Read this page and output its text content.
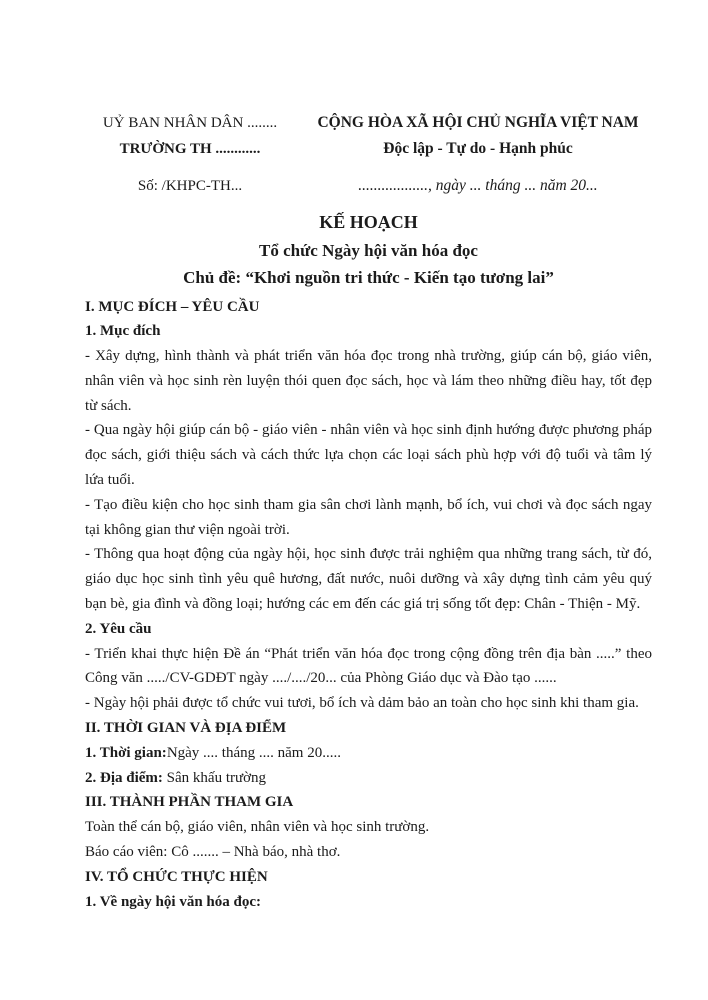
UỶ BAN NHÂN DÂN ........
TRƯỜNG TH ............
Số: /KHPC-TH...
CỘNG HÒA XÃ HỘI CHỦ NGHĨA VIỆT NAM
Độc lập - Tự do - Hạnh phúc
.................., ngày ... tháng ... năm 20...
KẾ HOẠCH
Tổ chức Ngày hội văn hóa đọc
Chủ đề: “Khơi nguồn tri thức - Kiến tạo tương lai”

I. MỤC ĐÍCH – YÊU CẦU

1. Mục đích

- Xây dựng, hình thành và phát triển văn hóa đọc trong nhà trường, giúp cán bộ, giáo viên, nhân viên và học sinh rèn luyện thói quen đọc sách, học và lám theo những điều hay, tốt đẹp từ sách.

- Qua ngày hội giúp cán bộ - giáo viên - nhân viên và học sinh định hướng được phương pháp đọc sách, giới thiệu sách và cách thức lựa chọn các loại sách phù hợp với độ tuổi và tâm lý lứa tuổi.

- Tạo điều kiện cho học sinh tham gia sân chơi lành mạnh, bổ ích, vui chơi và đọc sách ngay tại không gian thư viện ngoài trời.

- Thông qua hoạt động của ngày hội, học sinh được trải nghiệm qua những trang sách, từ đó, giáo dục học sinh tình yêu quê hương, đất nước, nuôi dưỡng và xây dựng tình cảm yêu quý bạn bè, gia đình và đồng loại; hướng các em đến các giá trị sống tốt đẹp: Chân - Thiện - Mỹ.

2. Yêu cầu

- Triển khai thực hiện Đề án “Phát triển văn hóa đọc trong cộng đồng trên địa bàn .....” theo Công văn ...../CV-GDĐT ngày ..../..../20... của Phòng Giáo dục và Đào tạo ......

- Ngày hội phải được tổ chức vui tươi, bổ ích và dảm bảo an toàn cho học sinh khi tham gia.

II. THỜI GIAN VÀ ĐỊA ĐIỂM

1. Thời gian:Ngày .... tháng .... năm 20.....

2. Địa điểm: Sân khấu trường

III. THÀNH PHẦN THAM GIA

Toàn thể cán bộ, giáo viên, nhân viên và học sinh trường.

Báo cáo viên: Cô ....... – Nhà báo, nhà thơ.

IV. TỔ CHỨC THỰC HIỆN

1. Về ngày hội văn hóa đọc:
